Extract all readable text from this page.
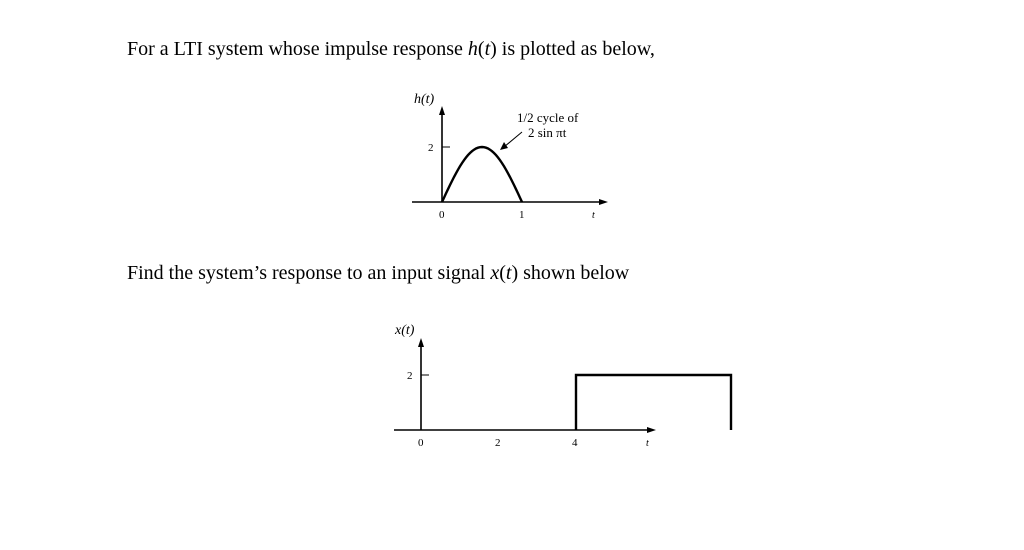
For a LTI system whose impulse response h(t) is plotted as below,
2
0	1	t
h(t)
1/2 cycle of
2 sin πt
Find the system’s response to an input signal x(t) shown below
2
0	2	4	t
x(t)
